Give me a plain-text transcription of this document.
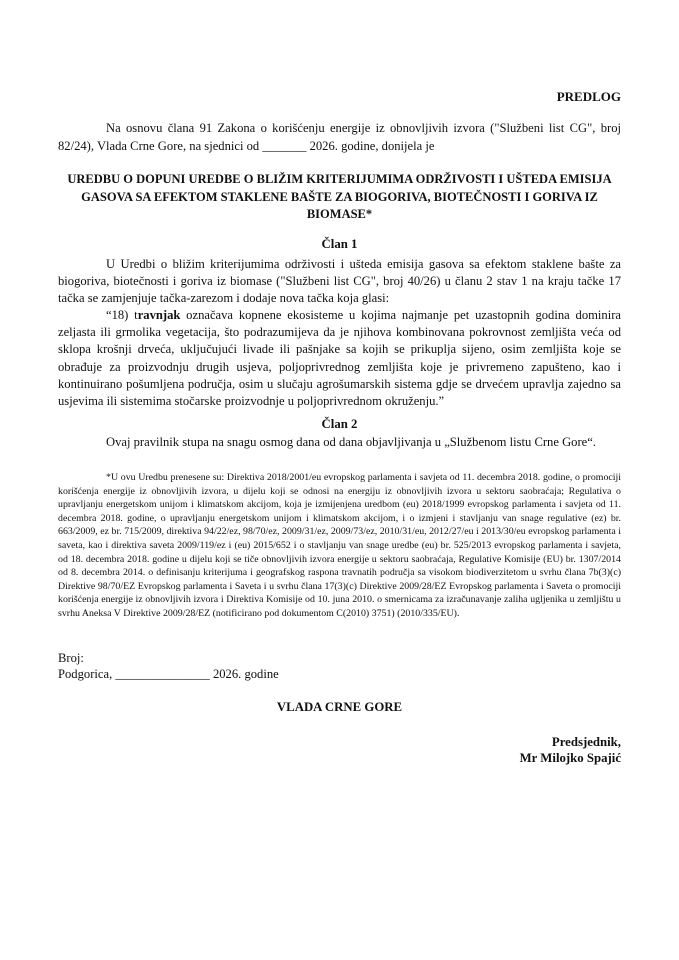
PREDLOG
Na osnovu člana 91 Zakona o korišćenju energije iz obnovljivih izvora ("Službeni list CG", broj 82/24), Vlada Crne Gore, na sjednici od _______ 2026. godine, donijela je
UREDBU O DOPUNI UREDBE O BLIŽIM KRITERIJUMIMA ODRŽIVOSTI I UŠTEDA EMISIJA GASOVA SA EFEKTOM STAKLENE BAŠTE ZA BIOGORIVA, BIOTEČNOSTI I GORIVA IZ BIOMASE*
Član 1
U Uredbi o bližim kriterijumima održivosti i ušteda emisija gasova sa efektom staklene bašte za biogoriva, biotečnosti i goriva iz biomase ("Službeni list CG", broj 40/26) u članu 2 stav 1 na kraju tačke 17 tačka se zamjenjuje tačka-zarezom i dodaje nova tačka koja glasi:
“18) travnjak označava kopnene ekosisteme u kojima najmanje pet uzastopnih godina dominira zeljasta ili grmolika vegetacija, što podrazumijeva da je njihova kombinovana pokrovnost zemljišta veća od sklopa krošnji drveća, uključujući livade ili pašnjake sa kojih se prikuplja sijeno, osim zemljišta koje se obrađuje za proizvodnju drugih usjeva, poljoprivrednog zemljišta koje je privremeno zapušteno, kao i kontinuirano pošumljena područja, osim u slučaju agrošumarskih sistema gdje se drvećem upravlja zajedno sa usjevima ili sistemima stočarske proizvodnje u poljoprivrednom okruženju.”
Član 2
Ovaj pravilnik stupa na snagu osmog dana od dana objavljivanja u „Službenom listu Crne Gore“.
*U ovu Uredbu prenesene su: Direktiva 2018/2001/eu evropskog parlamenta i savjeta od 11. decembra 2018. godine, o promociji korišćenja energije iz obnovljivih izvora, u dijelu koji se odnosi na energiju iz obnovljivih izvora u sektoru saobraćaja; Regulativa o upravljanju energetskom unijom i klimatskom akcijom, koja je izmijenjena uredbom (eu) 2018/1999 evropskog parlamenta i savjeta od 11. decembra 2018. godine, o upravljanju energetskom unijom i klimatskom akcijom, i o izmjeni i stavljanju van snage regulative (ez) br. 663/2009, ez br. 715/2009, direktiva 94/22/ez, 98/70/ez, 2009/31/ez, 2009/73/ez, 2010/31/eu, 2012/27/eu i 2013/30/eu evropskog parlamenta i saveta, kao i direktiva saveta 2009/119/ez i (eu) 2015/652 i o stavljanju van snage uredbe (eu) br. 525/2013 evropskog parlamenta i savjeta, od 18. decembra 2018. godine u dijelu koji se tiče obnovljivih izvora energije u sektoru saobraćaja, Regulative Komisije (EU) br. 1307/2014 od 8. decembra 2014. o definisanju kriterijuma i geografskog raspona travnatih područja sa visokom biodiverzitetom u svrhu člana 7b(3)(c) Direktive 98/70/EZ Evropskog parlamenta i Saveta i u svrhu člana 17(3)(c) Direktive 2009/28/EZ Evropskog parlamenta i Saveta o promociji korišćenja energije iz obnovljivih izvora i Direktiva Komisije od 10. juna 2010. o smernicama za izračunavanje zaliha ugljenika u zemljištu u svrhu Aneksa V Direktive 2009/28/EZ (notificirano pod dokumentom C(2010) 3751) (2010/335/EU).
Broj:
Podgorica, _______________ 2026. godine
VLADA CRNE GORE
Predsjednik,
Mr Milojko Spajić
